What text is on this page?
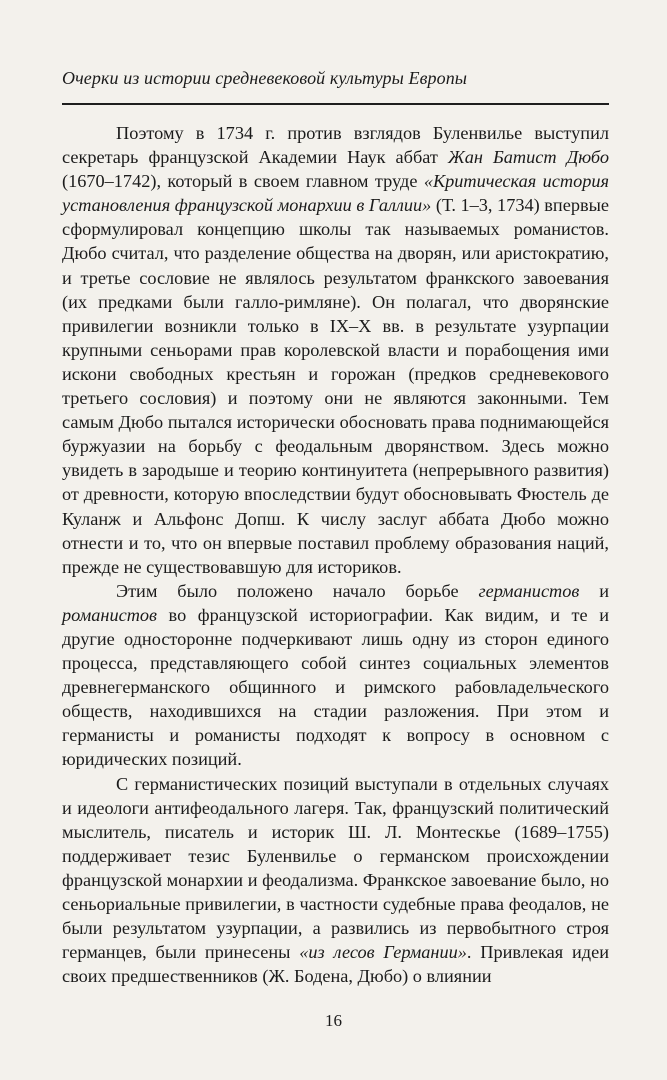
Очерки из истории средневековой культуры Европы

Поэтому в 1734 г. против взглядов Буленвилье выступил секретарь французской Академии Наук аббат Жан Батист Дюбо (1670–1742), который в своем главном труде «Критическая история установления французской монархии в Галлии» (Т. 1–3, 1734) впервые сформулировал концепцию школы так называемых романистов. Дюбо считал, что разделение общества на дворян, или аристократию, и третье сословие не являлось результатом франкского завоевания (их предками были галло-римляне). Он полагал, что дворянские привилегии возникли только в IX–X вв. в результате узурпации крупными сеньорами прав королевской власти и порабощения ими искони свободных крестьян и горожан (предков средневекового третьего сословия) и поэтому они не являются законными. Тем самым Дюбо пытался исторически обосновать права поднимающейся буржуазии на борьбу с феодальным дворянством. Здесь можно увидеть в зародыше и теорию континуитета (непрерывного развития) от древности, которую впоследствии будут обосновывать Фюстель де Куланж и Альфонс Допш. К числу заслуг аббата Дюбо можно отнести и то, что он впервые поставил проблему образования наций, прежде не существовавшую для историков.

Этим было положено начало борьбе германистов и романистов во французской историографии. Как видим, и те и другие односторонне подчеркивают лишь одну из сторон единого процесса, представляющего собой синтез социальных элементов древнегерманского общинного и римского рабовладельческого обществ, находившихся на стадии разложения. При этом и германисты и романисты подходят к вопросу в основном с юридических позиций.

С германистических позиций выступали в отдельных случаях и идеологи антифеодального лагеря. Так, французский политический мыслитель, писатель и историк Ш. Л. Монтескье (1689–1755) поддерживает тезис Буленвилье о германском происхождении французской монархии и феодализма. Франкское завоевание было, но сеньориальные привилегии, в частности судебные права феодалов, не были результатом узурпации, а развились из первобытного строя германцев, были принесены «из лесов Германии». Привлекая идеи своих предшественников (Ж. Бодена, Дюбо) о влиянии

16
